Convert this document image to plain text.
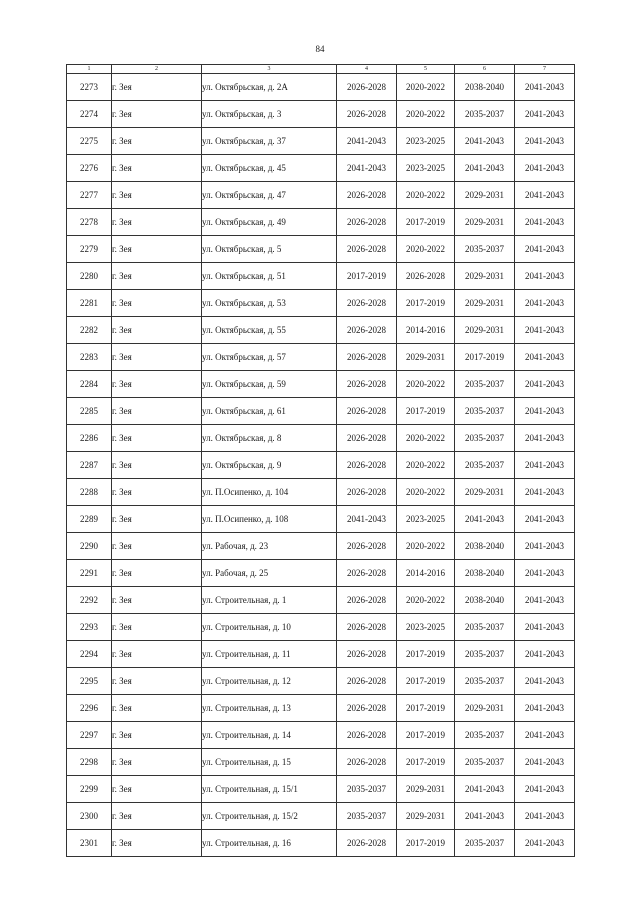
84
1	2	3	4	5	6	7
2273	г. Зея	ул. Октябрьская, д. 2А	2026-2028	2020-2022	2038-2040	2041-2043
2274	г. Зея	ул. Октябрьская, д. 3	2026-2028	2020-2022	2035-2037	2041-2043
2275	г. Зея	ул. Октябрьская, д. 37	2041-2043	2023-2025	2041-2043	2041-2043
2276	г. Зея	ул. Октябрьская, д. 45	2041-2043	2023-2025	2041-2043	2041-2043
2277	г. Зея	ул. Октябрьская, д. 47	2026-2028	2020-2022	2029-2031	2041-2043
2278	г. Зея	ул. Октябрьская, д. 49	2026-2028	2017-2019	2029-2031	2041-2043
2279	г. Зея	ул. Октябрьская, д. 5	2026-2028	2020-2022	2035-2037	2041-2043
2280	г. Зея	ул. Октябрьская, д. 51	2017-2019	2026-2028	2029-2031	2041-2043
2281	г. Зея	ул. Октябрьская, д. 53	2026-2028	2017-2019	2029-2031	2041-2043
2282	г. Зея	ул. Октябрьская, д. 55	2026-2028	2014-2016	2029-2031	2041-2043
2283	г. Зея	ул. Октябрьская, д. 57	2026-2028	2029-2031	2017-2019	2041-2043
2284	г. Зея	ул. Октябрьская, д. 59	2026-2028	2020-2022	2035-2037	2041-2043
2285	г. Зея	ул. Октябрьская, д. 61	2026-2028	2017-2019	2035-2037	2041-2043
2286	г. Зея	ул. Октябрьская, д. 8	2026-2028	2020-2022	2035-2037	2041-2043
2287	г. Зея	ул. Октябрьская, д. 9	2026-2028	2020-2022	2035-2037	2041-2043
2288	г. Зея	ул. П.Осипенко, д. 104	2026-2028	2020-2022	2029-2031	2041-2043
2289	г. Зея	ул. П.Осипенко, д. 108	2041-2043	2023-2025	2041-2043	2041-2043
2290	г. Зея	ул. Рабочая, д. 23	2026-2028	2020-2022	2038-2040	2041-2043
2291	г. Зея	ул. Рабочая, д. 25	2026-2028	2014-2016	2038-2040	2041-2043
2292	г. Зея	ул. Строительная, д. 1	2026-2028	2020-2022	2038-2040	2041-2043
2293	г. Зея	ул. Строительная, д. 10	2026-2028	2023-2025	2035-2037	2041-2043
2294	г. Зея	ул. Строительная, д. 11	2026-2028	2017-2019	2035-2037	2041-2043
2295	г. Зея	ул. Строительная, д. 12	2026-2028	2017-2019	2035-2037	2041-2043
2296	г. Зея	ул. Строительная, д. 13	2026-2028	2017-2019	2029-2031	2041-2043
2297	г. Зея	ул. Строительная, д. 14	2026-2028	2017-2019	2035-2037	2041-2043
2298	г. Зея	ул. Строительная, д. 15	2026-2028	2017-2019	2035-2037	2041-2043
2299	г. Зея	ул. Строительная, д. 15/1	2035-2037	2029-2031	2041-2043	2041-2043
2300	г. Зея	ул. Строительная, д. 15/2	2035-2037	2029-2031	2041-2043	2041-2043
2301	г. Зея	ул. Строительная, д. 16	2026-2028	2017-2019	2035-2037	2041-2043
